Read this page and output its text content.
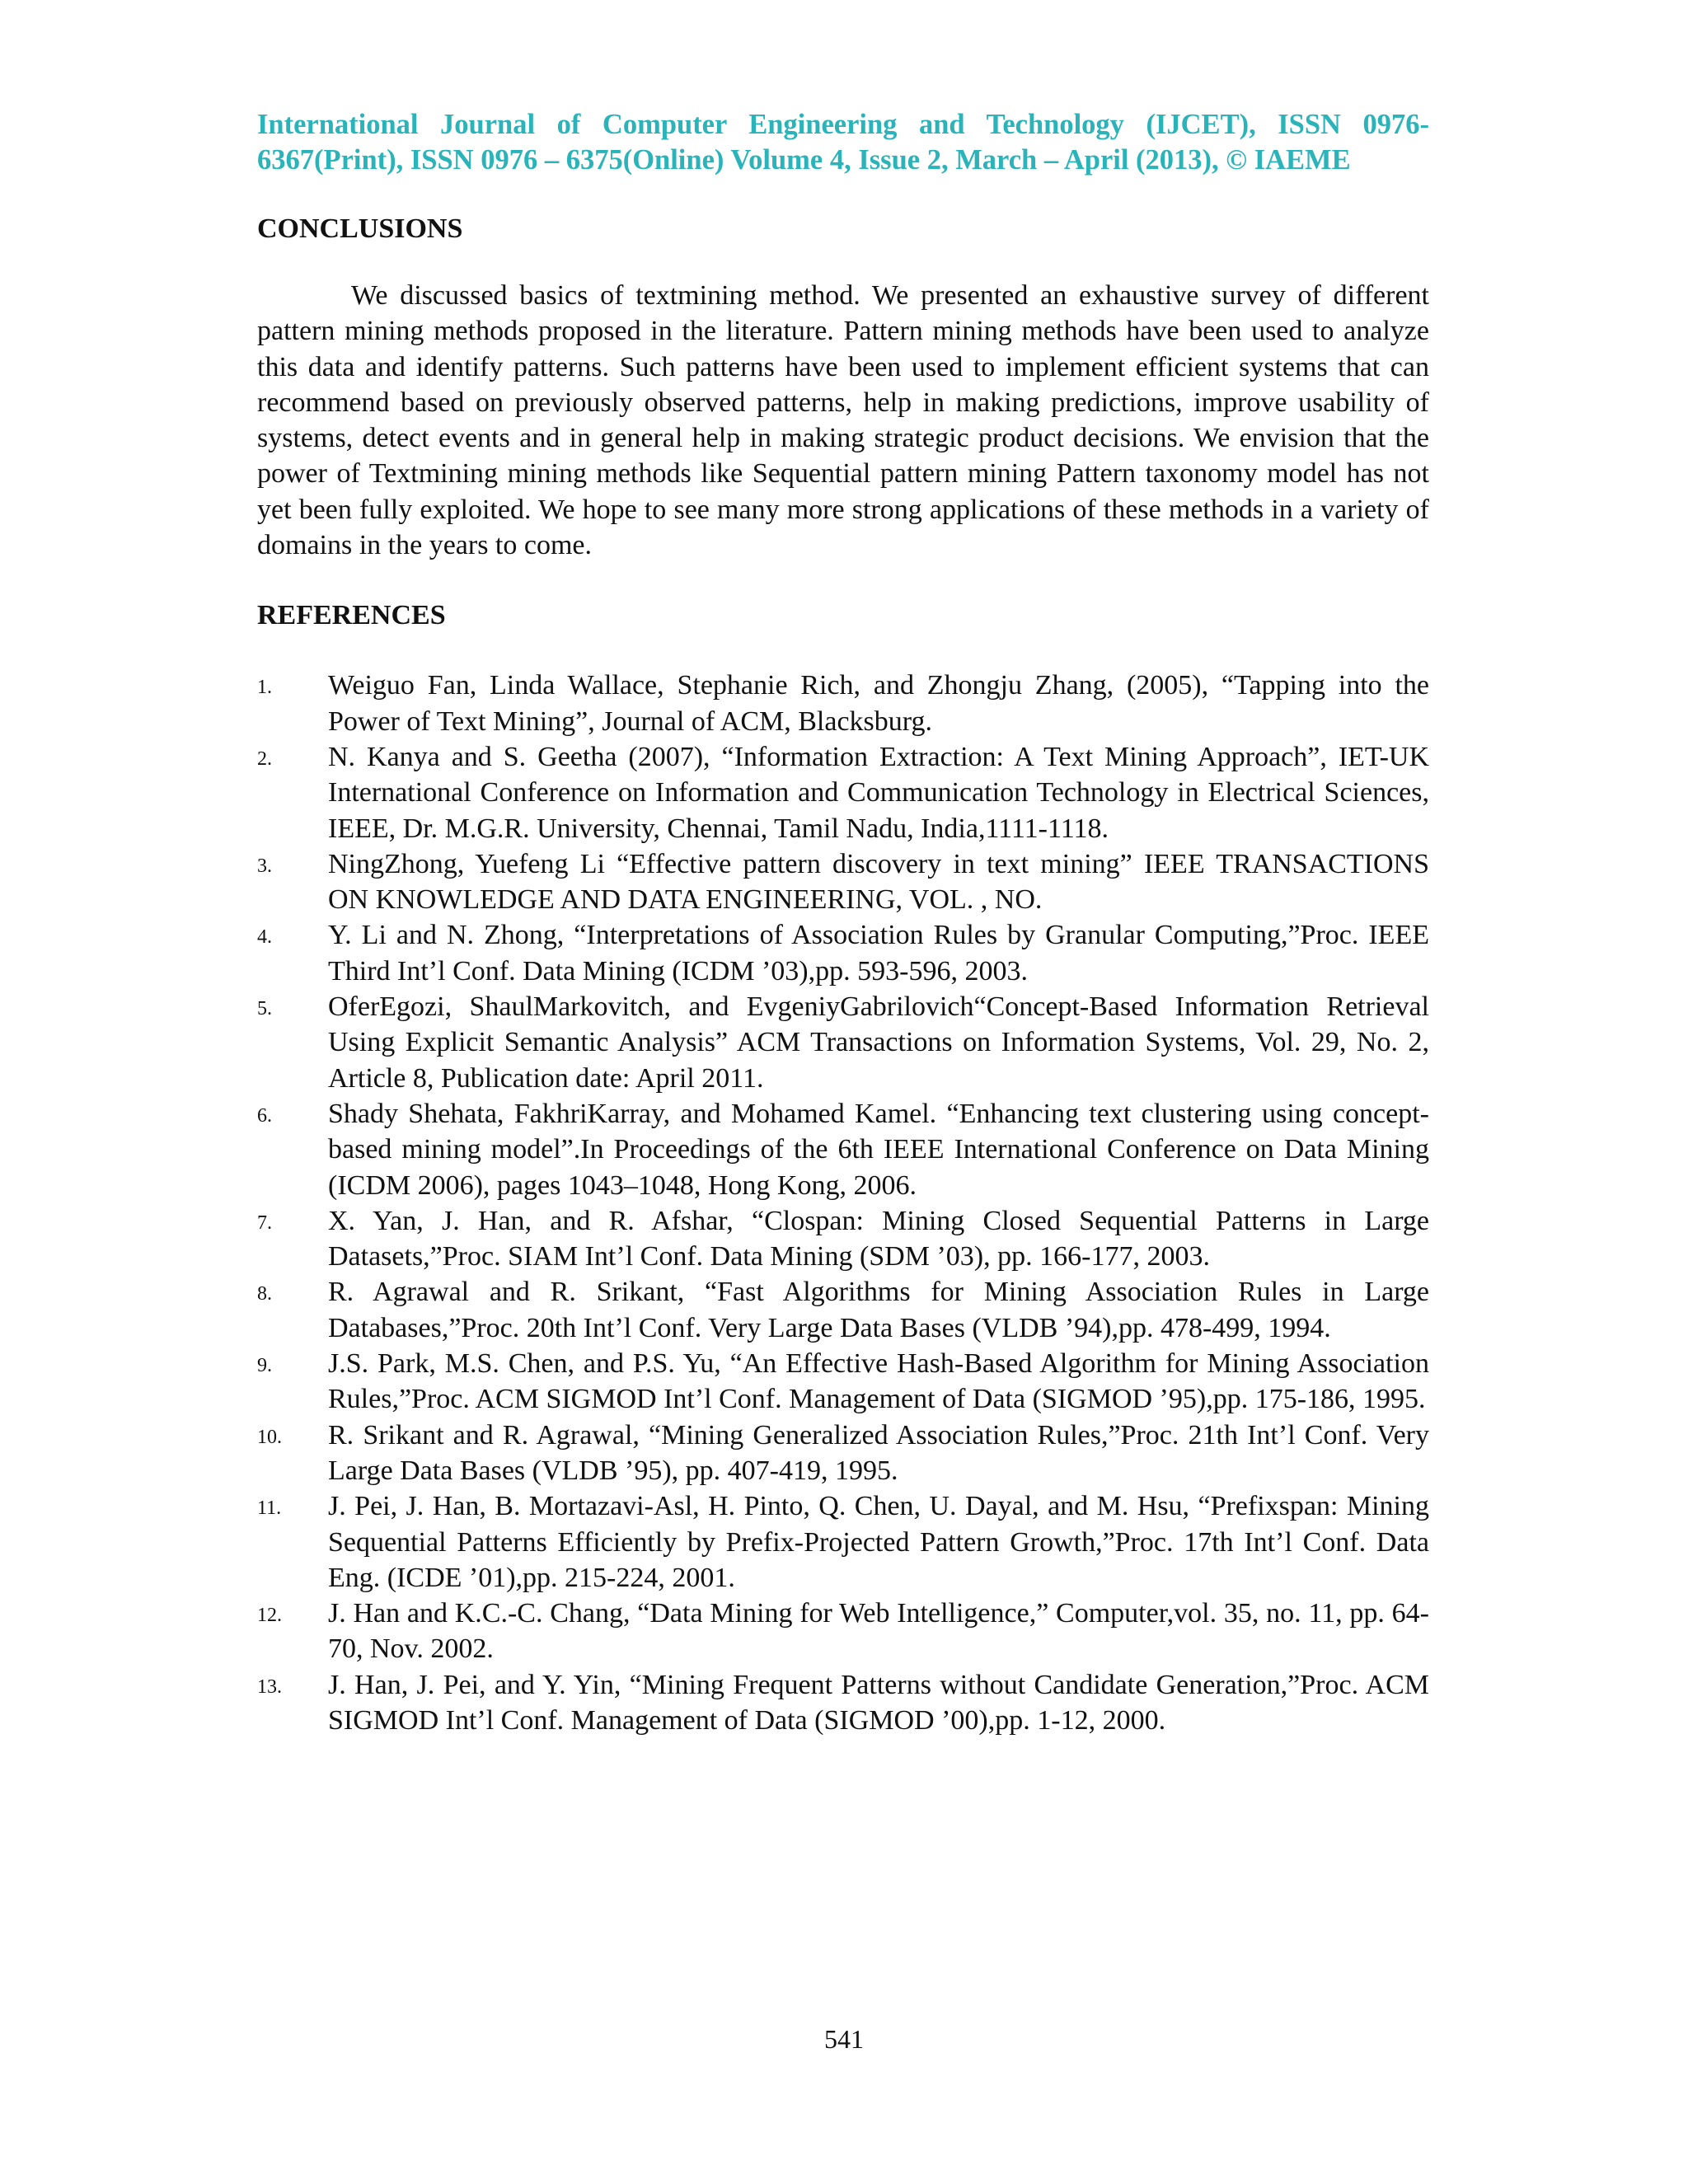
International Journal of Computer Engineering and Technology (IJCET), ISSN 0976-6367(Print), ISSN 0976 – 6375(Online) Volume 4, Issue 2, March – April (2013), © IAEME

CONCLUSIONS

We discussed basics of textmining method. We presented an exhaustive survey of different pattern mining methods proposed in the literature. Pattern mining methods have been used to analyze this data and identify patterns. Such patterns have been used to implement efficient systems that can recommend based on previously observed patterns, help in making predictions, improve usability of systems, detect events and in general help in making strategic product decisions. We envision that the power of Textmining mining methods like Sequential pattern mining Pattern taxonomy model has not yet been fully exploited. We hope to see many more strong applications of these methods in a variety of domains in the years to come.

REFERENCES
1. Weiguo Fan, Linda Wallace, Stephanie Rich, and Zhongju Zhang, (2005), “Tapping into the Power of Text Mining”, Journal of ACM, Blacksburg.
2. N. Kanya and S. Geetha (2007), “Information Extraction: A Text Mining Approach”, IET-UK International Conference on Information and Communication Technology in Electrical Sciences, IEEE, Dr. M.G.R. University, Chennai, Tamil Nadu, India,1111-1118.
3. NingZhong, Yuefeng Li “Effective pattern discovery in text mining” IEEE TRANSACTIONS ON KNOWLEDGE AND DATA ENGINEERING, VOL. , NO.
4. Y. Li and N. Zhong, “Interpretations of Association Rules by Granular Computing,”Proc. IEEE Third Int’l Conf. Data Mining (ICDM ’03),pp. 593-596, 2003.
5. OferEgozi, ShaulMarkovitch, and EvgeniyGabrilovich“Concept-Based Information Retrieval Using Explicit Semantic Analysis” ACM Transactions on Information Systems, Vol. 29, No. 2, Article 8, Publication date: April 2011.
6. Shady Shehata, FakhriKarray, and Mohamed Kamel. “Enhancing text clustering using concept-based mining model”.In Proceedings of the 6th IEEE International Conference on Data Mining (ICDM 2006), pages 1043–1048, Hong Kong, 2006.
7. X. Yan, J. Han, and R. Afshar, “Clospan: Mining Closed Sequential Patterns in Large Datasets,”Proc. SIAM Int’l Conf. Data Mining (SDM ’03), pp. 166-177, 2003.
8. R. Agrawal and R. Srikant, “Fast Algorithms for Mining Association Rules in Large Databases,”Proc. 20th Int’l Conf. Very Large Data Bases (VLDB ’94),pp. 478-499, 1994.
9. J.S. Park, M.S. Chen, and P.S. Yu, “An Effective Hash-Based Algorithm for Mining Association Rules,”Proc. ACM SIGMOD Int’l Conf. Management of Data (SIGMOD ’95),pp. 175-186, 1995.
10. R. Srikant and R. Agrawal, “Mining Generalized Association Rules,”Proc. 21th Int’l Conf. Very Large Data Bases (VLDB ’95), pp. 407-419, 1995.
11. J. Pei, J. Han, B. Mortazavi-Asl, H. Pinto, Q. Chen, U. Dayal, and M. Hsu, “Prefixspan: Mining Sequential Patterns Efficiently by Prefix-Projected Pattern Growth,”Proc. 17th Int’l Conf. Data Eng. (ICDE ’01),pp. 215-224, 2001.
12. J. Han and K.C.-C. Chang, “Data Mining for Web Intelligence,” Computer,vol. 35, no. 11, pp. 64-70, Nov. 2002.
13. J. Han, J. Pei, and Y. Yin, “Mining Frequent Patterns without Candidate Generation,”Proc. ACM SIGMOD Int’l Conf. Management of Data (SIGMOD ’00),pp. 1-12, 2000.
541
